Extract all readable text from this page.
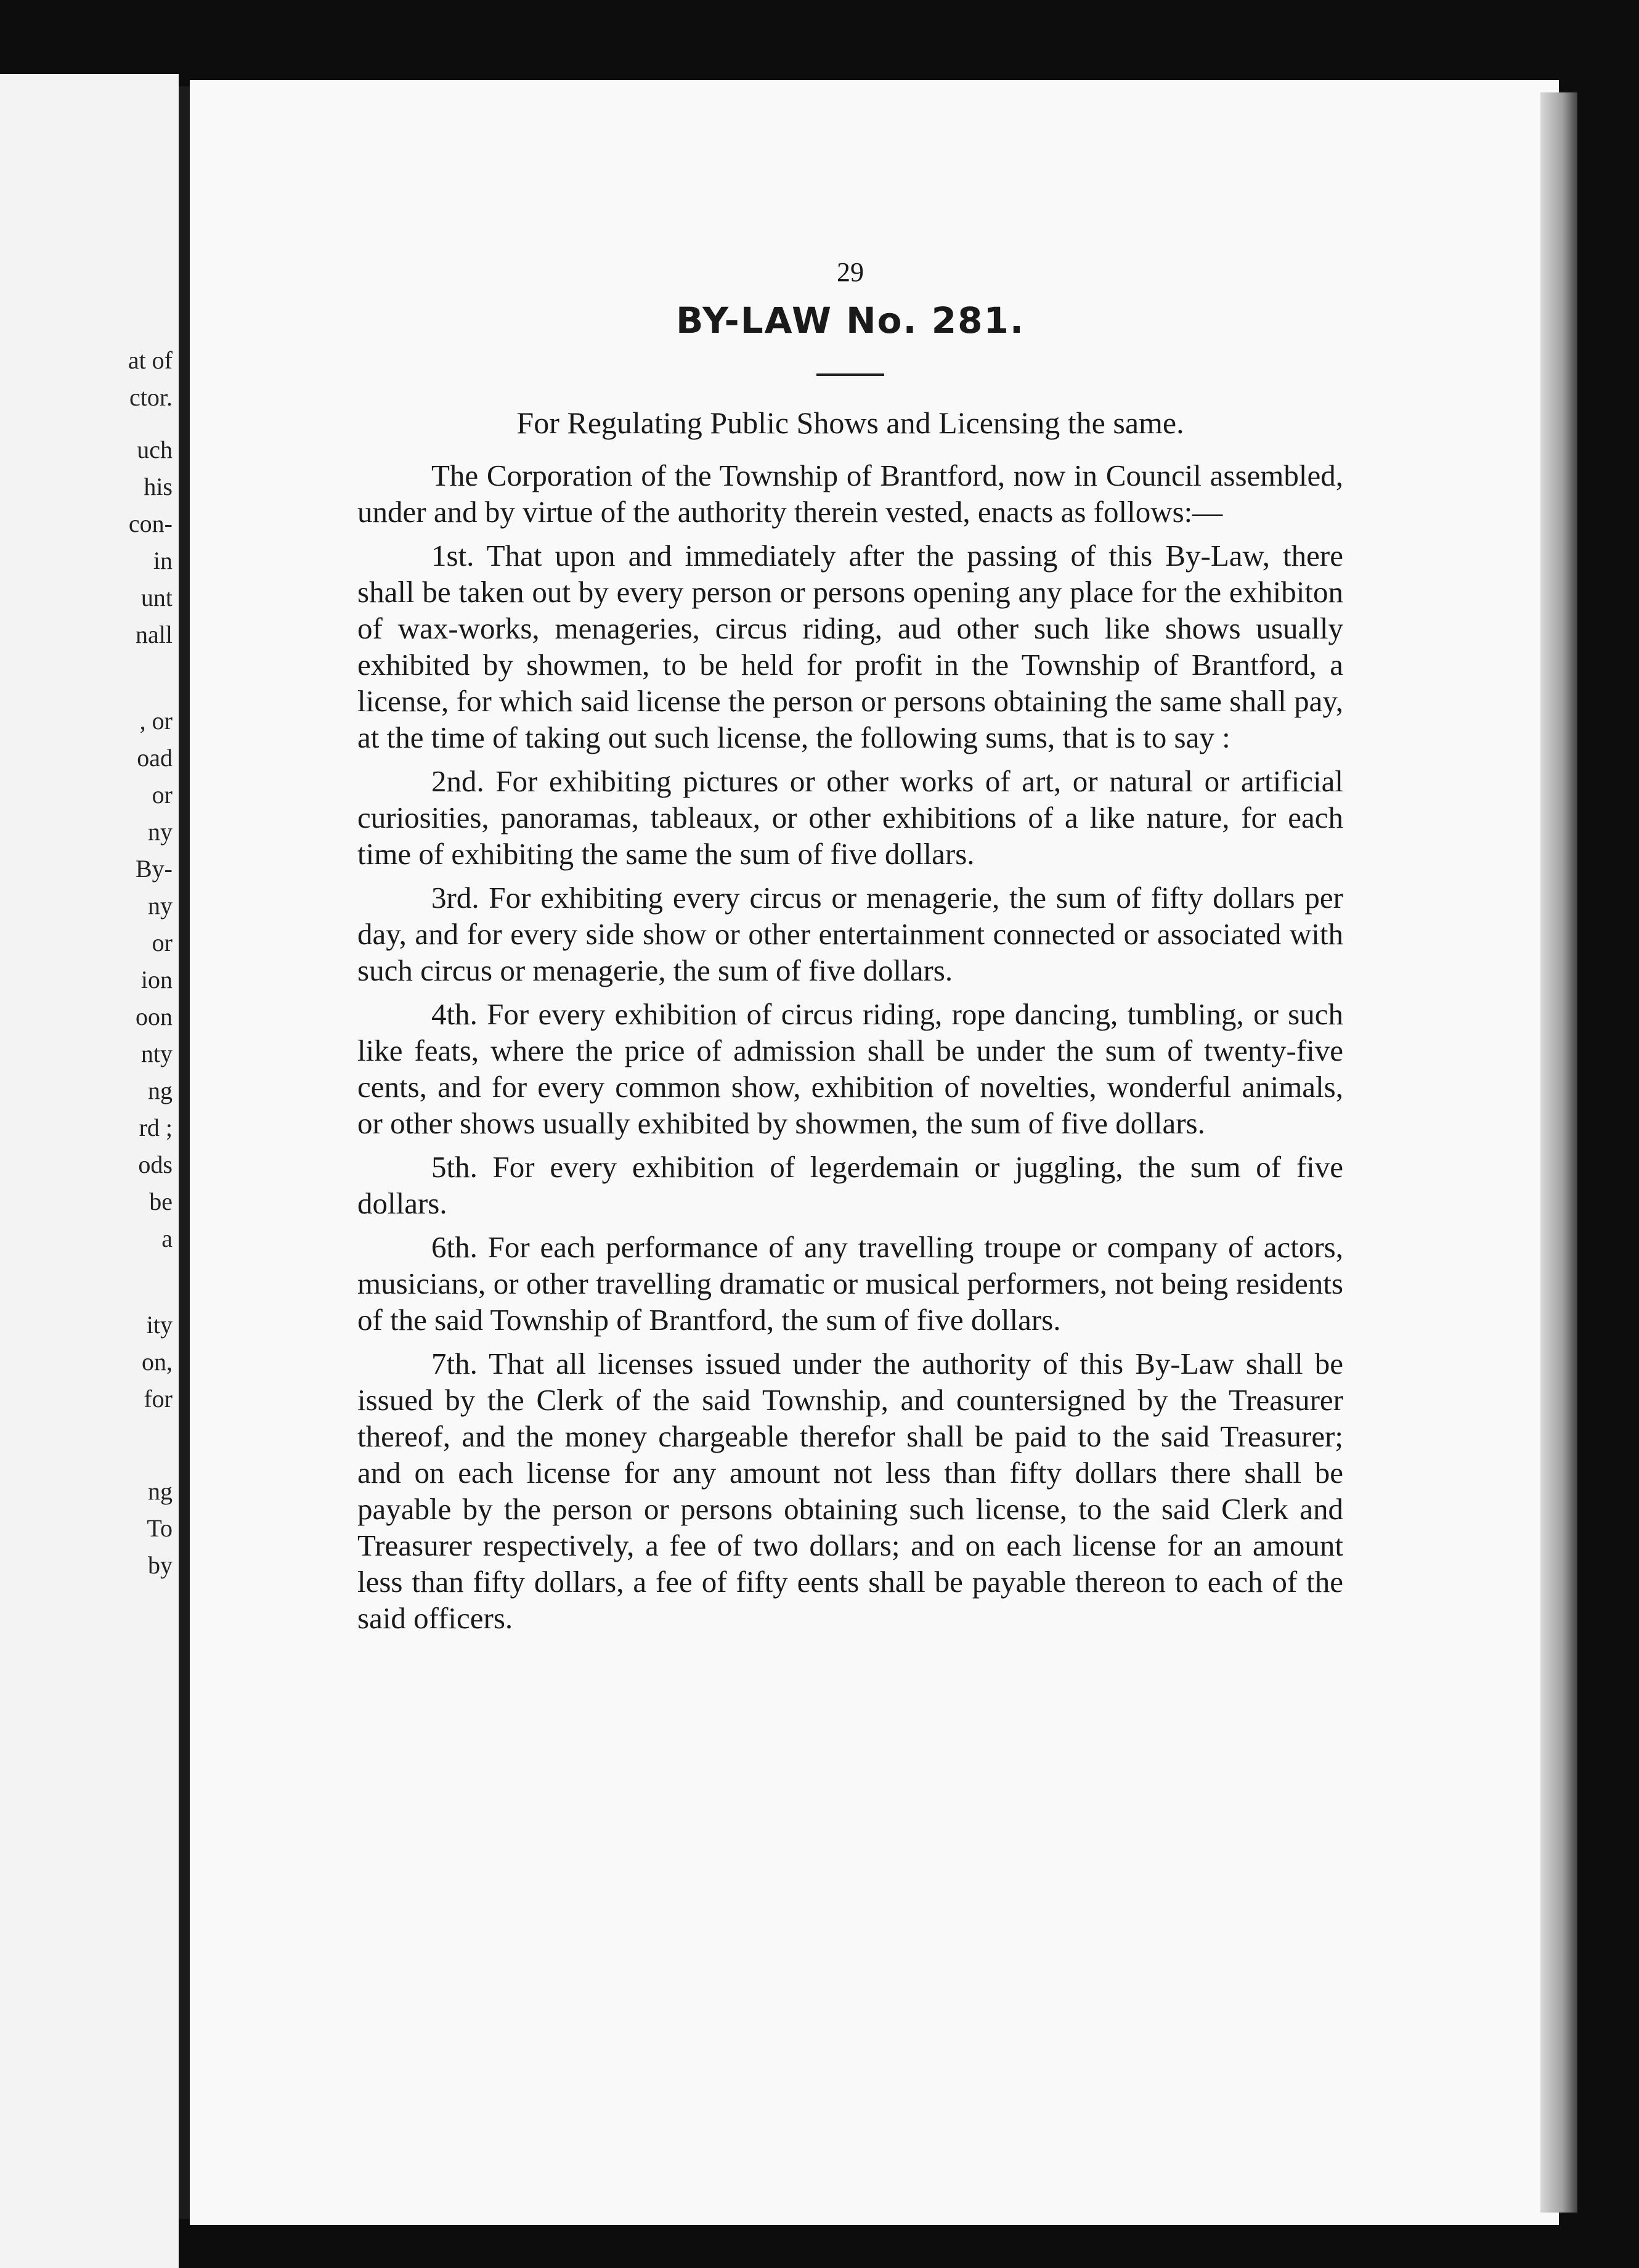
at of

ctor.

uch

his

con-

in

unt

nall

, or

oad

or

ny

By-

ny

or

ion

oon

nty

ng

rd ;

ods

be

a

ity

on,

for

ng

To

by

29

BY-LAW No. 281.

For Regulating Public Shows and Licensing the same.

The Corporation of the Township of Brantford, now in Council assembled, under and by virtue of the authority therein vested, enacts as follows:—

1st. That upon and immediately after the passing of this By-Law, there shall be taken out by every person or persons opening any place for the exhibiton of wax-works, menageries, circus riding, aud other such like shows usually exhibited by showmen, to be held for profit in the Township of Brantford, a license, for which said license the person or persons obtaining the same shall pay, at the time of taking out such license, the following sums, that is to say :

2nd. For exhibiting pictures or other works of art, or natural or artificial curiosities, panoramas, tableaux, or other exhibitions of a like nature, for each time of exhibiting the same the sum of five dollars.

3rd. For exhibiting every circus or menagerie, the sum of fifty dollars per day, and for every side show or other entertainment connected or associated with such circus or menagerie, the sum of five dollars.

4th. For every exhibition of circus riding, rope dancing, tumbling, or such like feats, where the price of admission shall be under the sum of twenty-five cents, and for every common show, exhibition of novelties, wonderful animals, or other shows usually exhibited by showmen, the sum of five dollars.

5th. For every exhibition of legerdemain or juggling, the sum of five dollars.

6th. For each performance of any travelling troupe or company of actors, musicians, or other travelling dramatic or musical performers, not being residents of the said Township of Brantford, the sum of five dollars.

7th. That all licenses issued under the authority of this By-Law shall be issued by the Clerk of the said Township, and countersigned by the Treasurer thereof, and the money chargeable therefor shall be paid to the said Treasurer; and on each license for any amount not less than fifty dollars there shall be payable by the person or persons obtaining such license, to the said Clerk and Treasurer respectively, a fee of two dollars; and on each license for an amount less than fifty dollars, a fee of fifty eents shall be payable thereon to each of the said officers.
